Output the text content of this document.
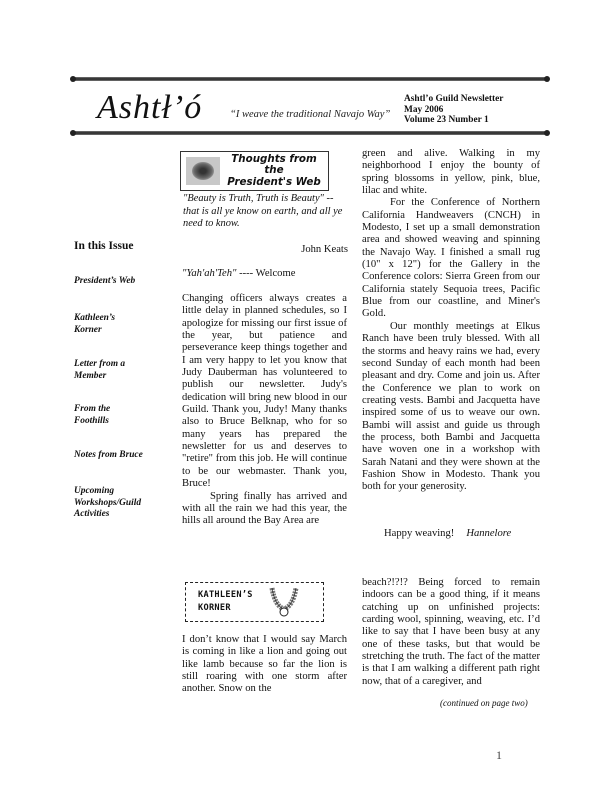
Ashtł’ó	“I weave the traditional Navajo Way”
Ashtl’o Guild Newsletter
May 2006
Volume 23 Number 1
In this Issue
President’s Web
Kathleen’s Korner
Letter from a Member
From the Foothills
Notes from Bruce
Upcoming Workshops/Guild Activities
Thoughts from the
President's Web
"Beauty is Truth, Truth is Beauty" -- that is all ye know on earth, and all ye need to know.
John Keats
"Yah'ah'Teh" ---- Welcome

Changing officers always creates a little delay in planned schedules, so I apologize for missing our first issue of the year, but patience and perseverance keep things together and I am very happy to let you know that Judy Dauberman has volunteered to publish our newsletter. Judy's dedication will bring new blood in our Guild. Thank you, Judy! Many thanks also to Bruce Belknap, who for so many years has prepared the newsletter for us and deserves to "retire" from this job. He will continue to be our webmaster. Thank you, Bruce!

Spring finally has arrived and with all the rain we had this year, the hills all around the Bay Area are

green and alive. Walking in my neighborhood I enjoy the bounty of spring blossoms in yellow, pink, blue, lilac and white.

For the Conference of Northern California Handweavers (CNCH) in Modesto, I set up a small demonstration area and showed weaving and spinning the Navajo Way. I finished a small rug (10" x 12") for the Gallery in the Conference colors: Sierra Green from our California stately Sequoia trees, Pacific Blue from our coastline, and Miner's Gold.

Our monthly meetings at Elkus Ranch have been truly blessed. With all the storms and heavy rains we had, every second Sunday of each month had been pleasant and dry. Come and join us. After the Conference we plan to work on creating vests. Bambi and Jacquetta have inspired some of us to weave our own. Bambi will assist and guide us through the process, both Bambi and Jacquetta have woven one in a workshop with Sarah Natani and they were shown at the Fashion Show in Modesto. Thank you both for your generosity.

Happy weaving! Hannelore
KATHLEEN’S
KORNER

I don’t know that I would say March is coming in like a lion and going out like lamb because so far the lion is still roaring with one storm after another. Snow on the

beach?!?!? Being forced to remain indoors can be a good thing, if it means catching up on unfinished projects: carding wool, spinning, weaving, etc. I’d like to say that I have been busy at any one of these tasks, but that would be stretching the truth. The fact of the matter is that I am walking a different path right now, that of a caregiver, and

(continued on page two)
1
